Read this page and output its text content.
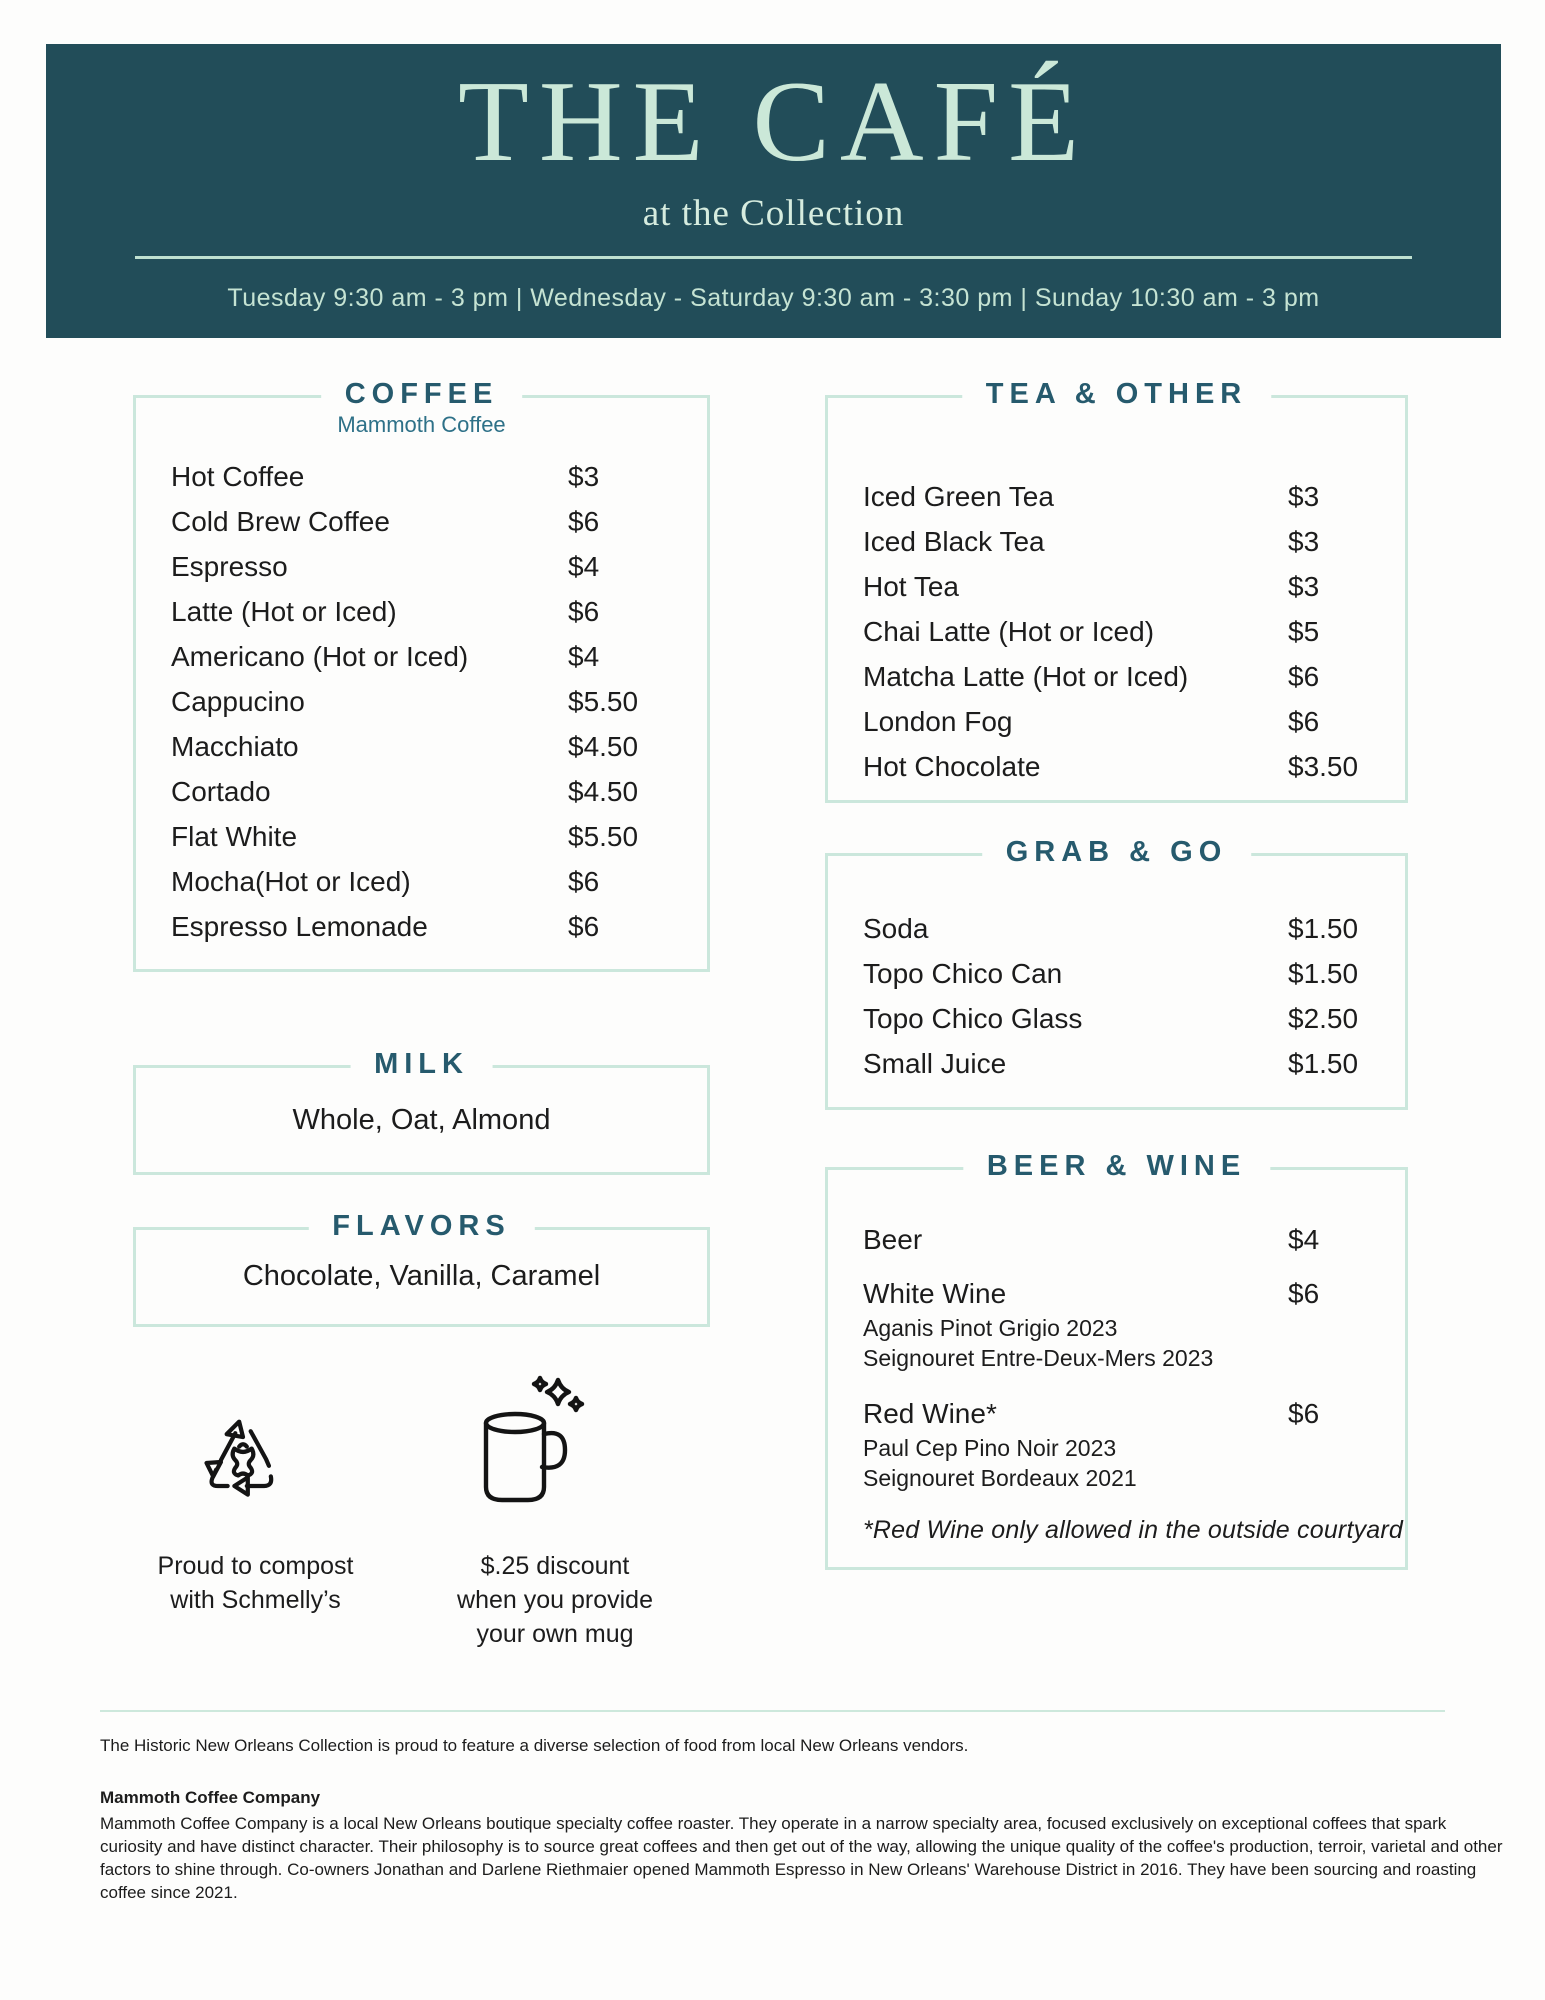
THE CAFÉ
at the Collection
Tuesday 9:30 am - 3 pm | Wednesday - Saturday 9:30 am - 3:30 pm | Sunday 10:30 am - 3 pm
COFFEE
Mammoth Coffee
Hot Coffee	$3
Cold Brew Coffee	$6
Espresso	$4
Latte (Hot or Iced)	$6
Americano (Hot or Iced)	$4
Cappucino	$5.50
Macchiato	$4.50
Cortado	$4.50
Flat White	$5.50
Mocha(Hot or Iced)	$6
Espresso Lemonade	$6
MILK
Whole, Oat, Almond
FLAVORS
Chocolate, Vanilla, Caramel
TEA & OTHER
Iced Green Tea	$3
Iced Black Tea	$3
Hot Tea	$3
Chai Latte (Hot or Iced)	$5
Matcha Latte (Hot or Iced)	$6
London Fog	$6
Hot Chocolate	$3.50
GRAB & GO
Soda	$1.50
Topo Chico Can	$1.50
Topo Chico Glass	$2.50
Small Juice	$1.50
BEER & WINE
Beer	$4
White Wine	$6
Aganis Pinot Grigio 2023
Seignouret Entre-Deux-Mers 2023
Red Wine*	$6
Paul Cep Pino Noir 2023
Seignouret Bordeaux 2021
*Red Wine only allowed in the outside courtyard
Proud to compost
with Schmelly’s
$.25 discount
when you provide
your own mug
The Historic New Orleans Collection is proud to feature a diverse selection of food from local New Orleans vendors.
Mammoth Coffee Company
Mammoth Coffee Company is a local New Orleans boutique specialty coffee roaster. They operate in a narrow specialty area, focused exclusively on exceptional coffees that spark curiosity and have distinct character. Their philosophy is to source great coffees and then get out of the way, allowing the unique quality of the coffee's production, terroir, varietal and other factors to shine through. Co-owners Jonathan and Darlene Riethmaier opened Mammoth Espresso in New Orleans' Warehouse District in 2016. They have been sourcing and roasting coffee since 2021.
